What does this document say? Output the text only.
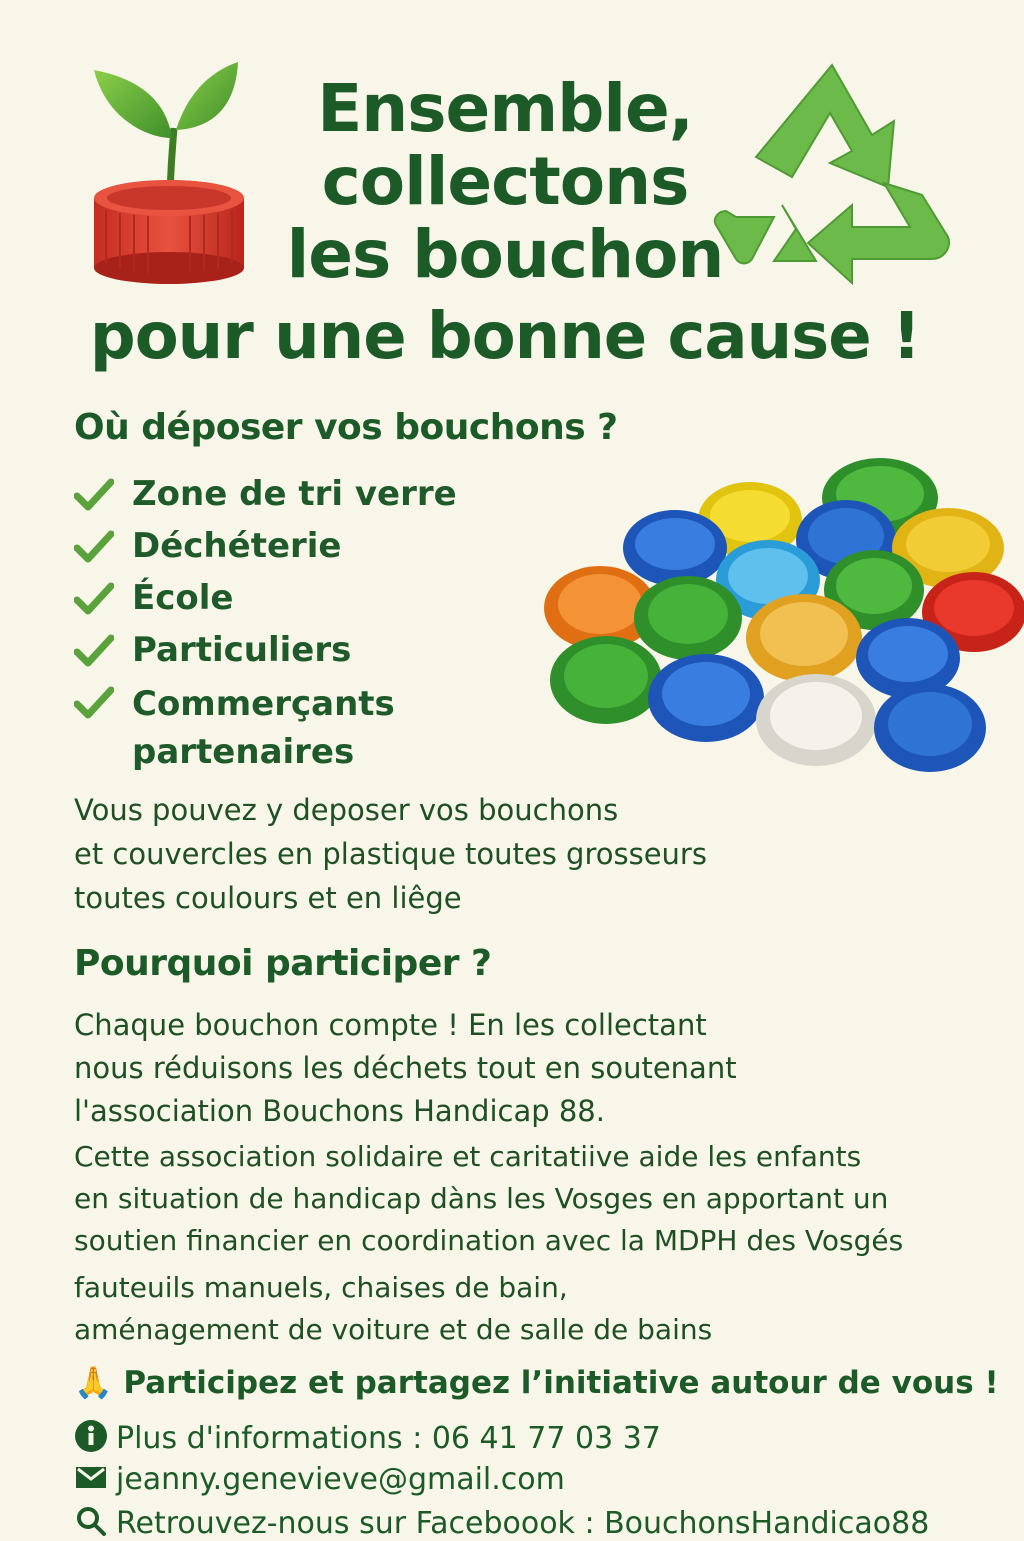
Ensemble,
collectons
les bouchon
pour une bonne cause !
Où déposer vos bouchons ?
Zone de tri verre
Déchéterie
École
Particuliers
Commerçants partenaires

Vous pouvez y deposer vos bouchons
et couvercles en plastique toutes grosseurs
toutes coulours et en liêge

Pourquoi participer ?

Chaque bouchon compte ! En les collectant
nous réduisons les déchets tout en soutenant
l'association Bouchons Handicap 88.

Cette association solidaire et caritatiive aide les enfants
en situation de handicap dàns les Vosges en apportant un
soutien financier en coordination avec la MDPH des Vosgés

fauteuils manuels, chaises de bain,
aménagement de voiture et de salle de bains

🙏 Participez et partagez l’initiative autour de vous !
Plus d'informations : 06 41 77 03 37
jeanny.genevieve@gmail.com
Retrouvez-nous sur Faceboook : BouchonsHandicao88
